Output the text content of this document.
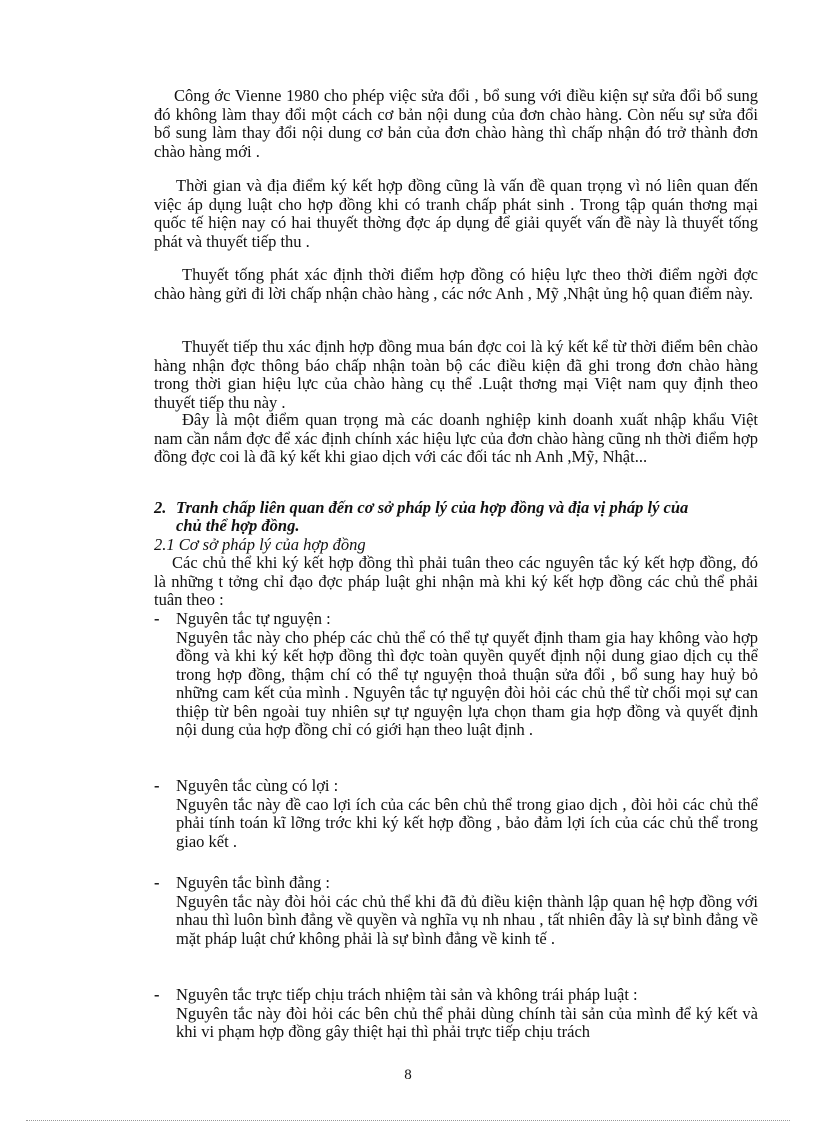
Công ớc Vienne 1980 cho phép việc sửa đổi , bổ sung với điều kiện sự sửa đổi bổ sung đó không làm thay đổi một cách cơ bản nội dung của đơn chào hàng. Còn nếu sự sửa đổi bổ sung làm thay đổi nội dung cơ bản của đơn chào hàng thì chấp nhận đó trở thành đơn chào hàng mới .

Thời gian và địa điểm ký kết hợp đồng cũng là vấn đề quan trọng vì nó liên quan đến việc áp dụng luật cho hợp đồng khi có tranh chấp phát sinh . Trong tập quán thơng mại quốc tế hiện nay có hai thuyết thờng đợc áp dụng để giải quyết vấn đề này là thuyết tống phát và thuyết tiếp thu .

Thuyết tống phát xác định thời điểm hợp đồng có hiệu lực theo thời điểm ngời đợc chào hàng gửi đi lời chấp nhận chào hàng , các nớc Anh , Mỹ ,Nhật ủng hộ quan điểm này.

Thuyết tiếp thu xác định hợp đồng mua bán đợc coi là ký kết kể từ thời điểm bên chào hàng nhận đợc thông báo chấp nhận toàn bộ các điều kiện đã ghi trong đơn chào hàng trong thời gian hiệu lực của chào hàng cụ thể .Luật thơng mại Việt nam quy định theo thuyết tiếp thu này .

Đây là một điểm quan trọng mà các doanh nghiệp kinh doanh xuất nhập khẩu Việt nam cần nắm đợc để xác định chính xác hiệu lực của đơn chào hàng cũng nh thời điểm hợp đồng đợc coi là đã ký kết khi giao dịch với các đối tác nh Anh ,Mỹ, Nhật...

2. Tranh chấp liên quan đến cơ sở pháp lý của hợp đồng và địa vị pháp lý của
chủ thể hợp đồng.

2.1 Cơ sở pháp lý của hợp đồng

Các chủ thể khi ký kết hợp đồng thì phải tuân theo các nguyên tắc ký kết hợp đồng, đó là những t tởng chỉ đạo đợc pháp luật ghi nhận mà khi ký kết hợp đồng các chủ thể phải tuân theo :

-	Nguyên tắc tự nguyện :

Nguyên tắc này cho phép các chủ thể có thể tự quyết định tham gia hay không vào hợp đồng và khi ký kết hợp đồng thì đợc toàn quyền quyết định nội dung giao dịch cụ thể trong hợp đồng, thậm chí có thể tự nguyện thoả thuận sửa đổi , bổ sung hay huỷ bỏ những cam kết của mình . Nguyên tắc tự nguyện đòi hỏi các chủ thể từ chối mọi sự can thiệp từ bên ngoài tuy nhiên sự tự nguyện lựa chọn tham gia hợp đồng và quyết định nội dung của hợp đồng chỉ có giới hạn theo luật định .

-	Nguyên tắc cùng có lợi :

Nguyên tắc này đề cao lợi ích của các bên chủ thể trong giao dịch , đòi hỏi các chủ thể phải tính toán kĩ lỡng trớc khi ký kết hợp đồng , bảo đảm lợi ích của các chủ thể trong giao kết .

-	Nguyên tắc bình đẳng :

Nguyên tắc này đòi hỏi các chủ thể khi đã đủ điều kiện thành lập quan hệ hợp đồng với nhau thì luôn bình đẳng về quyền và nghĩa vụ nh nhau , tất nhiên đây là sự bình đẳng về mặt pháp luật chứ không phải là sự bình đẳng về kinh tế .

-	Nguyên tắc trực tiếp chịu trách nhiệm tài sản và không trái pháp luật :

Nguyên tắc này đòi hỏi các bên chủ thể phải dùng chính tài sản của mình để ký kết và khi vi phạm hợp đồng gây thiệt hại thì phải trực tiếp chịu trách

8
